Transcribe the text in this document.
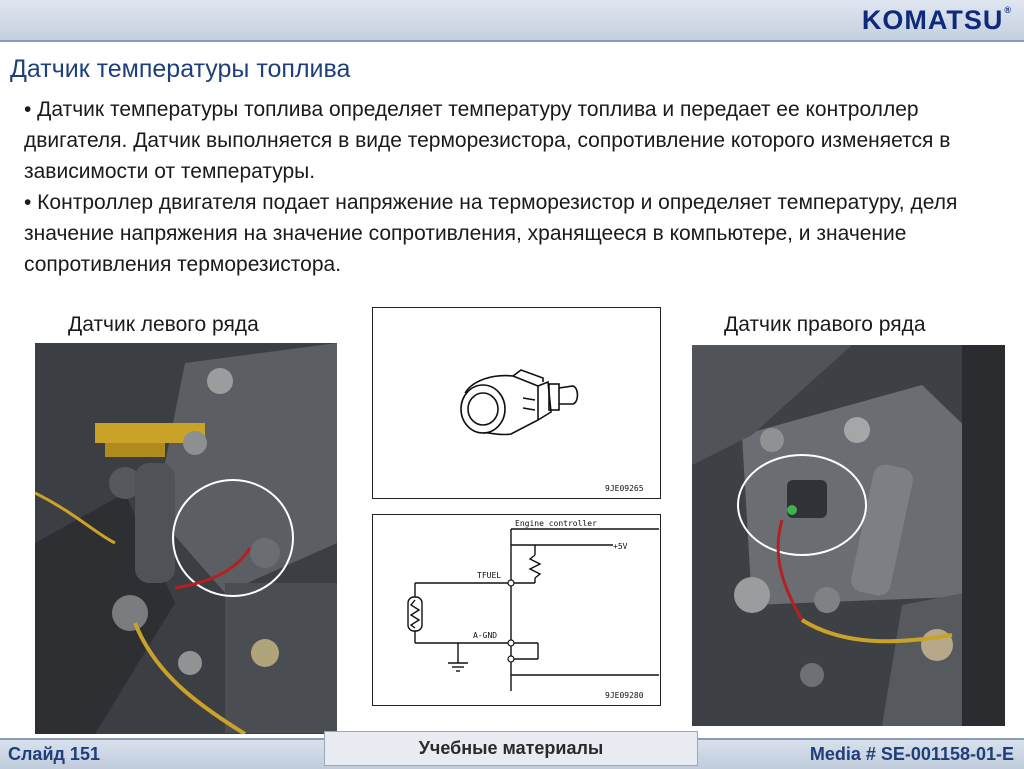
KOMATSU®
Датчик температуры топлива

• Датчик температуры топлива определяет температуру топлива и передает ее контроллер двигателя. Датчик выполняется в виде терморезистора, сопротивление которого изменяется в зависимости от температуры.

• Контроллер двигателя подает напряжение на терморезистор и определяет температуру, деля значение напряжения на значение сопротивления, хранящееся в компьютере, и значение сопротивления терморезистора.

Датчик левого ряда	Датчик правого ряда
9JE09265
Engine controller
+5V
TFUEL
A-GND
9JE09280
Слайд 151	Учебные материалы	Media # SE-001158-01-E
